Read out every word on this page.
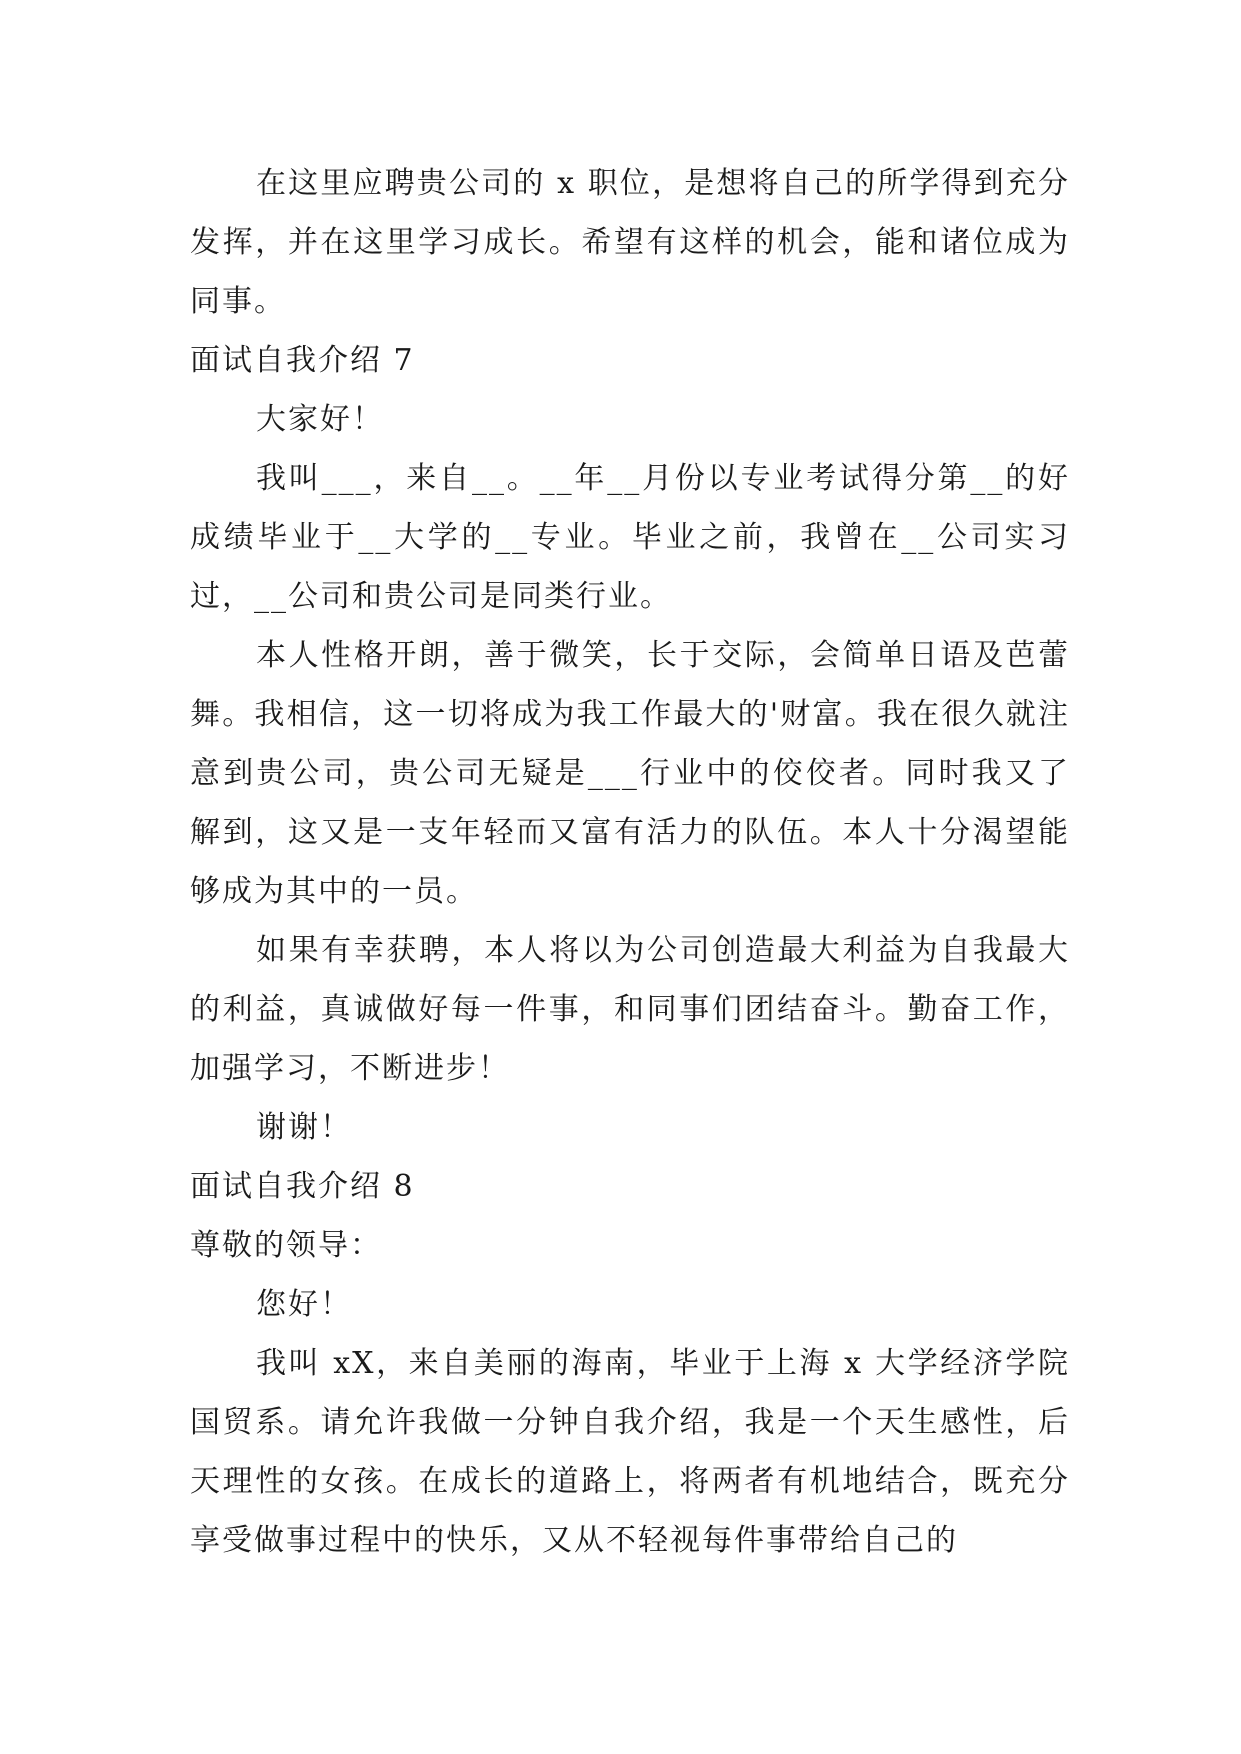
在这里应聘贵公司的 x 职位，是想将自己的所学得到充分发挥，并在这里学习成长。希望有这样的机会，能和诸位成为同事。

面试自我介绍 7

大家好！

我叫___，来自__。__年__月份以专业考试得分第__的好成绩毕业于__大学的__专业。毕业之前，我曾在__公司实习过，__公司和贵公司是同类行业。

本人性格开朗，善于微笑，长于交际，会简单日语及芭蕾舞。我相信，这一切将成为我工作最大的'财富。我在很久就注意到贵公司，贵公司无疑是___行业中的佼佼者。同时我又了解到，这又是一支年轻而又富有活力的队伍。本人十分渴望能够成为其中的一员。

如果有幸获聘，本人将以为公司创造最大利益为自我最大的利益，真诚做好每一件事，和同事们团结奋斗。勤奋工作，加强学习，不断进步！

谢谢！

面试自我介绍 8

尊敬的领导：

您好！

我叫 xX，来自美丽的海南，毕业于上海 x 大学经济学院国贸系。请允许我做一分钟自我介绍，我是一个天生感性，后天理性的女孩。在成长的道路上，将两者有机地结合，既充分享受做事过程中的快乐，又从不轻视每件事带给自己的
